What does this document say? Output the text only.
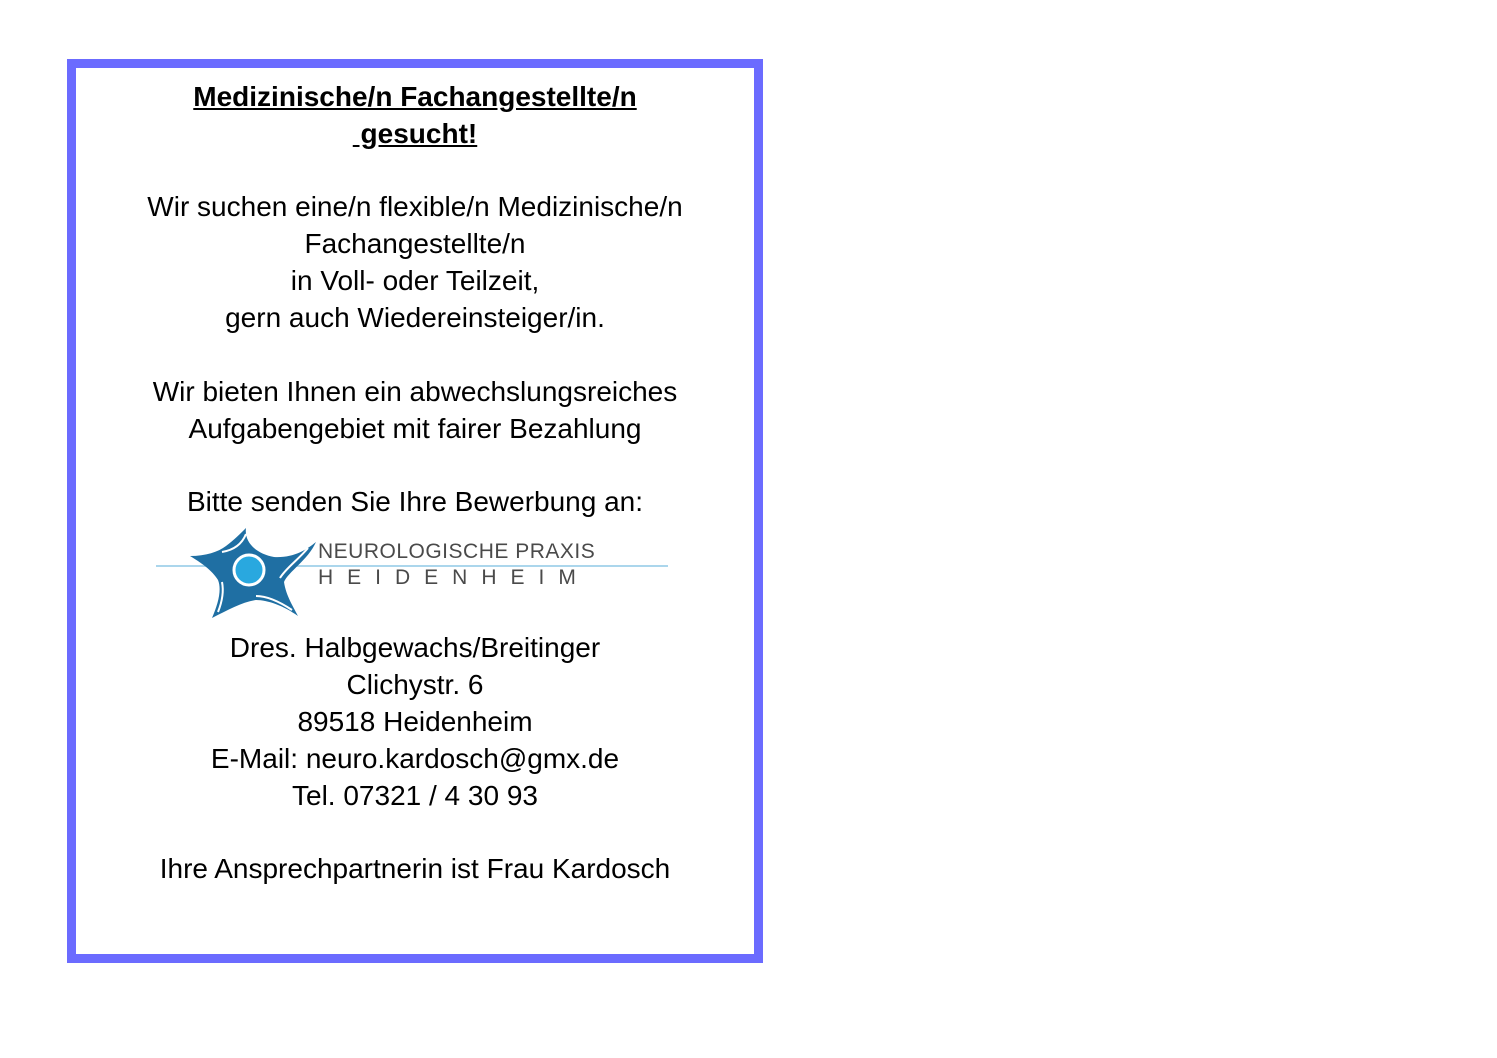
Medizinische/n Fachangestellte/n
gesucht!
Wir suchen eine/n flexible/n Medizinische/n
Fachangestellte/n
in Voll- oder Teilzeit,
gern auch Wiedereinsteiger/in.
Wir bieten Ihnen ein abwechslungsreiches
Aufgabengebiet mit fairer Bezahlung
Bitte senden Sie Ihre Bewerbung an:
NEUROLOGISCHE PRAXIS
HEIDENHEIM
Dres. Halbgewachs/Breitinger
Clichystr. 6
89518 Heidenheim
E-Mail: neuro.kardosch@gmx.de
Tel. 07321 / 4 30 93
Ihre Ansprechpartnerin ist Frau Kardosch
